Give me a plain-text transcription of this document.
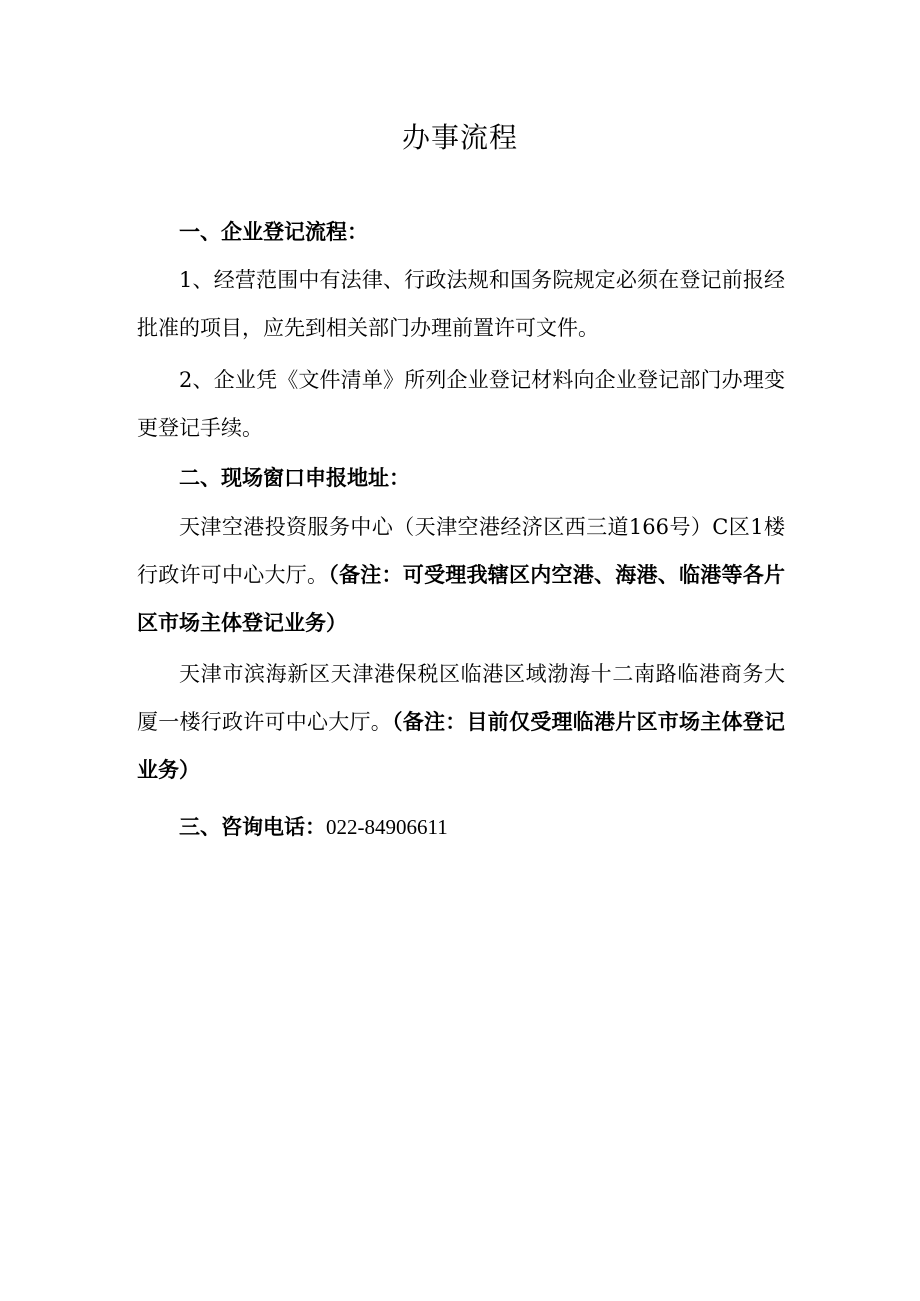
办事流程
一、企业登记流程：
1、经营范围中有法律、行政法规和国务院规定必须在登记前报经批准的项目，应先到相关部门办理前置许可文件。
2、企业凭《文件清单》所列企业登记材料向企业登记部门办理变更登记手续。
二、现场窗口申报地址：
天津空港投资服务中心（天津空港经济区西三道166号）C区1楼行政许可中心大厅。（备注：可受理我辖区内空港、海港、临港等各片区市场主体登记业务）
天津市滨海新区天津港保税区临港区域渤海十二南路临港商务大厦一楼行政许可中心大厅。（备注：目前仅受理临港片区市场主体登记业务）
三、咨询电话：022-84906611
